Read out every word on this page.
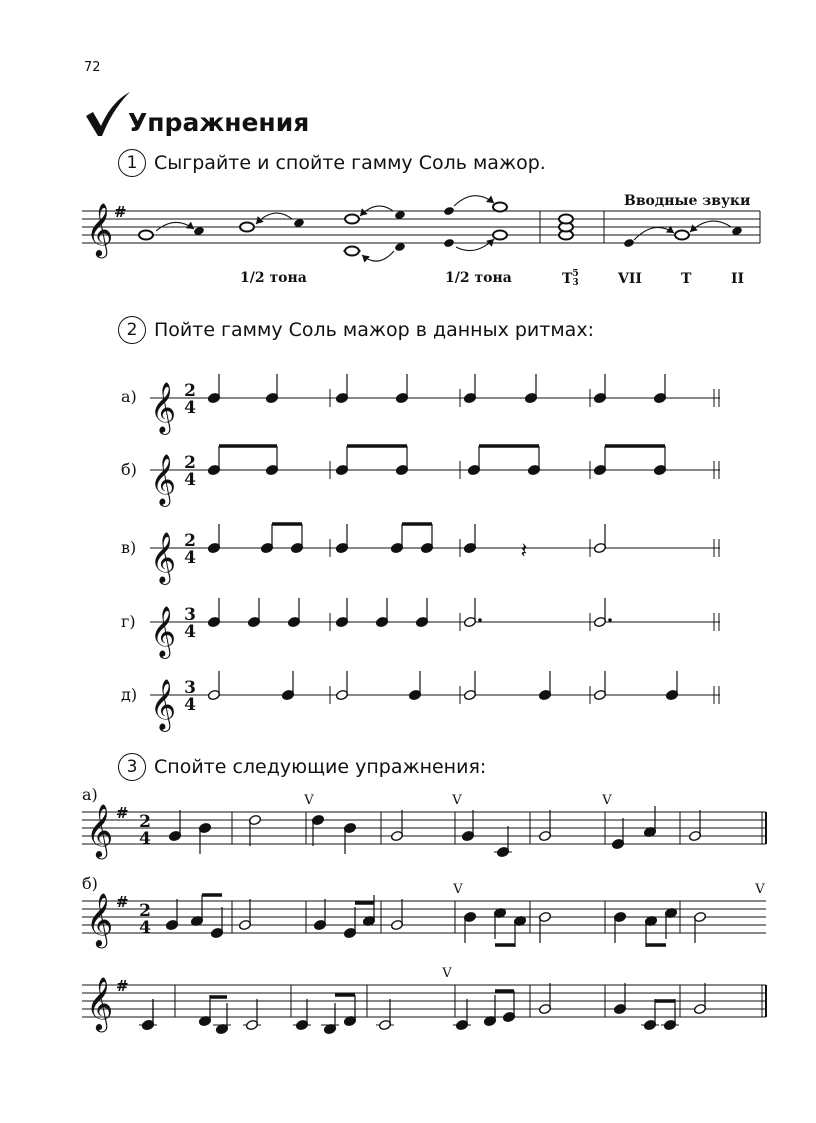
72
Упражнения
1 Сыграйте и спойте гамму Соль мажор.
2 Пойте гамму Соль мажор в данных ритмах:
3 Спойте следующие упражнения:
1/2 тона	1/2 тона	T5
3
Вводные звуки
VII	T	II
а)
б)
в)
г)
д)
а)
б)
𝄞 #
𝄞 2
4
𝄞 2
4
𝄞 2
4	𝄽
𝄞 3
4
𝄞 3
4
𝄞 # 2
4
V	V	V
𝄞 # 2
4
V	V
𝄞 #
V
